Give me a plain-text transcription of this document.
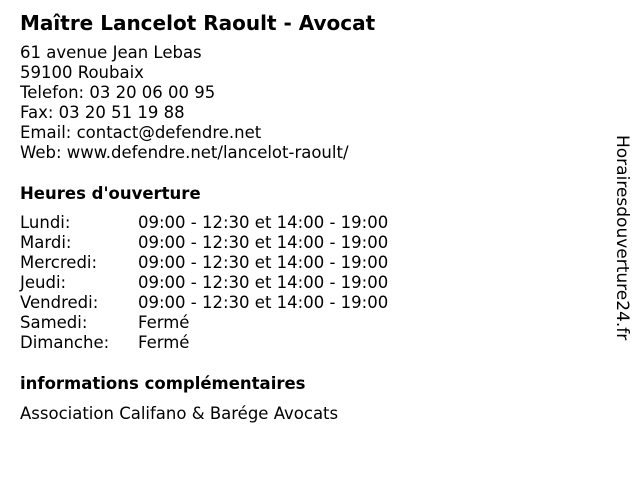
Maître Lancelot Raoult - Avocat
61 avenue Jean Lebas
59100 Roubaix
Telefon: 03 20 06 00 95
Fax: 03 20 51 19 88
Email: contact@defendre.net
Web: www.defendre.net/lancelot-raoult/
Heures d'ouverture
Lundi:	09:00 - 12:30 et 14:00 - 19:00
Mardi:	09:00 - 12:30 et 14:00 - 19:00
Mercredi:	09:00 - 12:30 et 14:00 - 19:00
Jeudi:	09:00 - 12:30 et 14:00 - 19:00
Vendredi:	09:00 - 12:30 et 14:00 - 19:00
Samedi:	Fermé
Dimanche:	Fermé
informations complémentaires
Association Califano & Barége Avocats
Horairesdouverture24.fr
